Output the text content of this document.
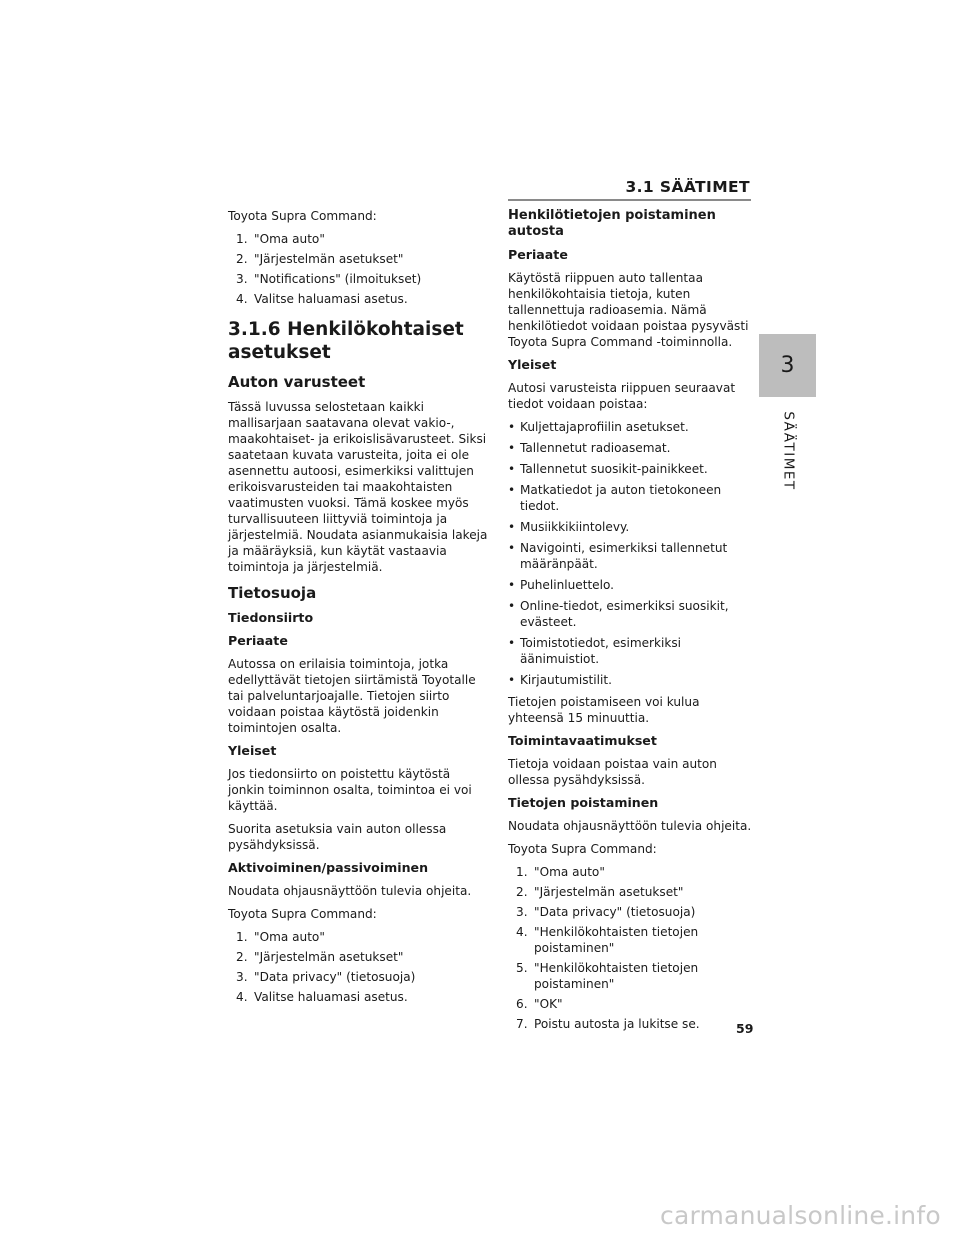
3.1 SÄÄTIMET
3
SÄÄTIMET

Toyota Supra Command:

1. "Oma auto"
2. "Järjestelmän asetukset"
3. "Notifications" (ilmoitukset)
4. Valitse haluamasi asetus.
3.1.6 Henkilökohtaiset asetukset
Auton varusteet

Tässä luvussa selostetaan kaikki mallisarjaan saatavana olevat vakio-, maakohtaiset- ja erikoislisävarusteet. Siksi saatetaan kuvata varusteita, joita ei ole asennettu autoosi, esimerkiksi valittujen erikoisvarusteiden tai maakohtaisten vaatimusten vuoksi. Tämä koskee myös turvallisuuteen liittyviä toimintoja ja järjestelmiä. Noudata asianmukaisia lakeja ja määräyksiä, kun käytät vastaavia toimintoja ja järjestelmiä.

Tietosuoja
Tiedonsiirto
Periaate

Autossa on erilaisia toimintoja, jotka edellyttävät tietojen siirtämistä Toyotalle tai palveluntarjoajalle. Tietojen siirto voidaan poistaa käytöstä joidenkin toimintojen osalta.

Yleiset

Jos tiedonsiirto on poistettu käytöstä jonkin toiminnon osalta, toimintoa ei voi käyttää.

Suorita asetuksia vain auton ollessa pysähdyksissä.

Aktivoiminen/passivoiminen

Noudata ohjausnäyttöön tulevia ohjeita.

Toyota Supra Command:

1. "Oma auto"
2. "Järjestelmän asetukset"
3. "Data privacy" (tietosuoja)
4. Valitse haluamasi asetus.
Henkilötietojen poistaminen autosta
Periaate

Käytöstä riippuen auto tallentaa henkilökohtaisia tietoja, kuten tallennettuja radioasemia. Nämä henkilötiedot voidaan poistaa pysyvästi Toyota Supra Command -toiminnolla.

Yleiset

Autosi varusteista riippuen seuraavat tiedot voidaan poistaa:

• Kuljettajaprofiilin asetukset.
• Tallennetut radioasemat.
• Tallennetut suosikit-painikkeet.
• Matkatiedot ja auton tietokoneen tiedot.
• Musiikkikiintolevy.
• Navigointi, esimerkiksi tallennetut määränpäät.
• Puhelinluettelo.
• Online-tiedot, esimerkiksi suosikit, evästeet.
• Toimistotiedot, esimerkiksi äänimuistiot.
• Kirjautumistilit.

Tietojen poistamiseen voi kulua yhteensä 15 minuuttia.

Toimintavaatimukset

Tietoja voidaan poistaa vain auton ollessa pysähdyksissä.

Tietojen poistaminen

Noudata ohjausnäyttöön tulevia ohjeita.

Toyota Supra Command:

1. "Oma auto"
2. "Järjestelmän asetukset"
3. "Data privacy" (tietosuoja)
4. "Henkilökohtaisten tietojen poistaminen"
5. "Henkilökohtaisten tietojen poistaminen"
6. "OK"
7. Poistu autosta ja lukitse se.	59
carmanualsonline.info
